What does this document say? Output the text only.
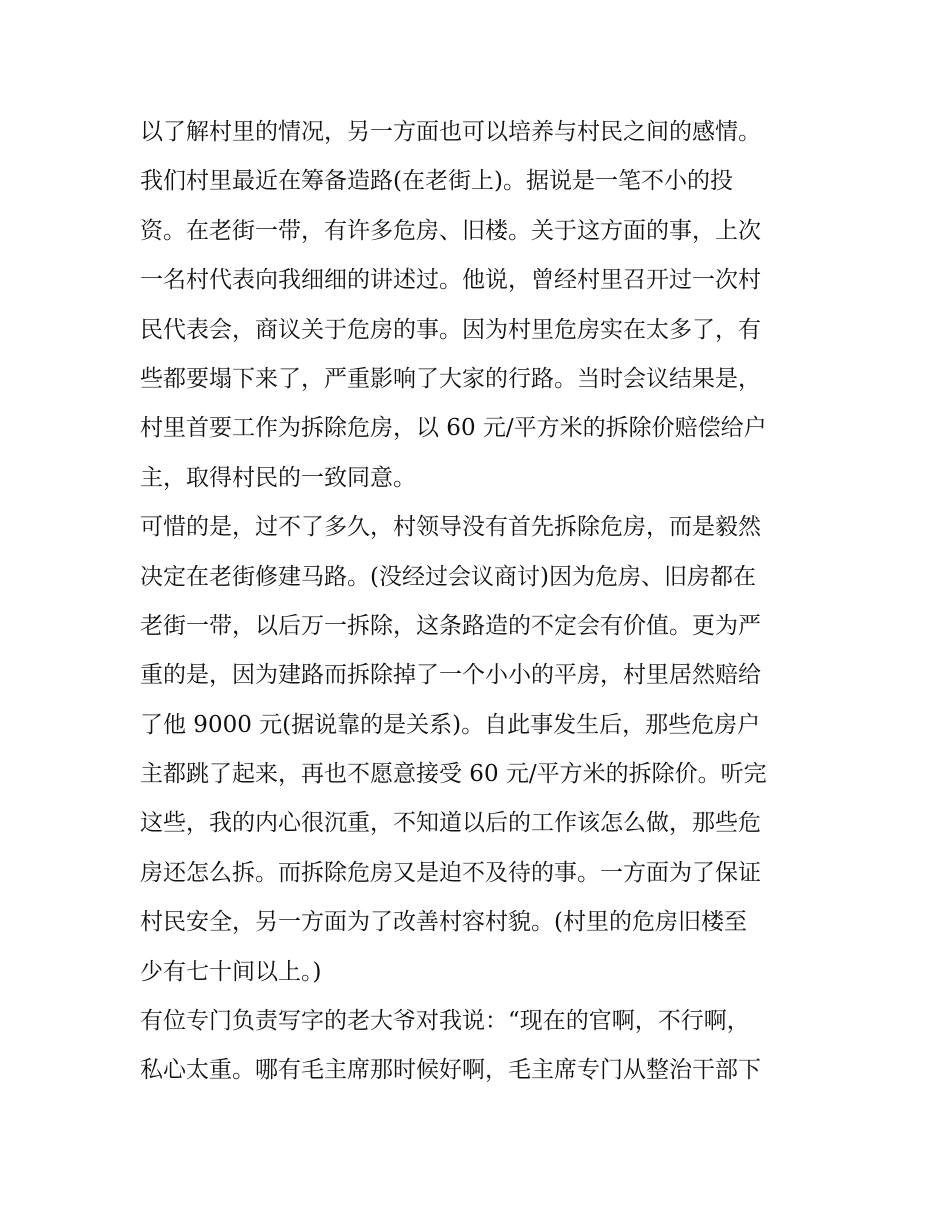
以了解村里的情况，另一方面也可以培养与村民之间的感情。
我们村里最近在筹备造路(在老街上)。据说是一笔不小的投
资。在老街一带，有许多危房、旧楼。关于这方面的事，上次
一名村代表向我细细的讲述过。他说，曾经村里召开过一次村
民代表会，商议关于危房的事。因为村里危房实在太多了，有
些都要塌下来了，严重影响了大家的行路。当时会议结果是，
村里首要工作为拆除危房，以 60 元/平方米的拆除价赔偿给户
主，取得村民的一致同意。
可惜的是，过不了多久，村领导没有首先拆除危房，而是毅然
决定在老街修建马路。(没经过会议商讨)因为危房、旧房都在
老街一带，以后万一拆除，这条路造的不定会有价值。更为严
重的是，因为建路而拆除掉了一个小小的平房，村里居然赔给
了他 9000 元(据说靠的是关系)。自此事发生后，那些危房户
主都跳了起来，再也不愿意接受 60 元/平方米的拆除价。听完
这些，我的内心很沉重，不知道以后的工作该怎么做，那些危
房还怎么拆。而拆除危房又是迫不及待的事。一方面为了保证
村民安全，另一方面为了改善村容村貌。(村里的危房旧楼至
少有七十间以上。)
有位专门负责写字的老大爷对我说：“现在的官啊，不行啊，
私心太重。哪有毛主席那时候好啊，毛主席专门从整治干部下
